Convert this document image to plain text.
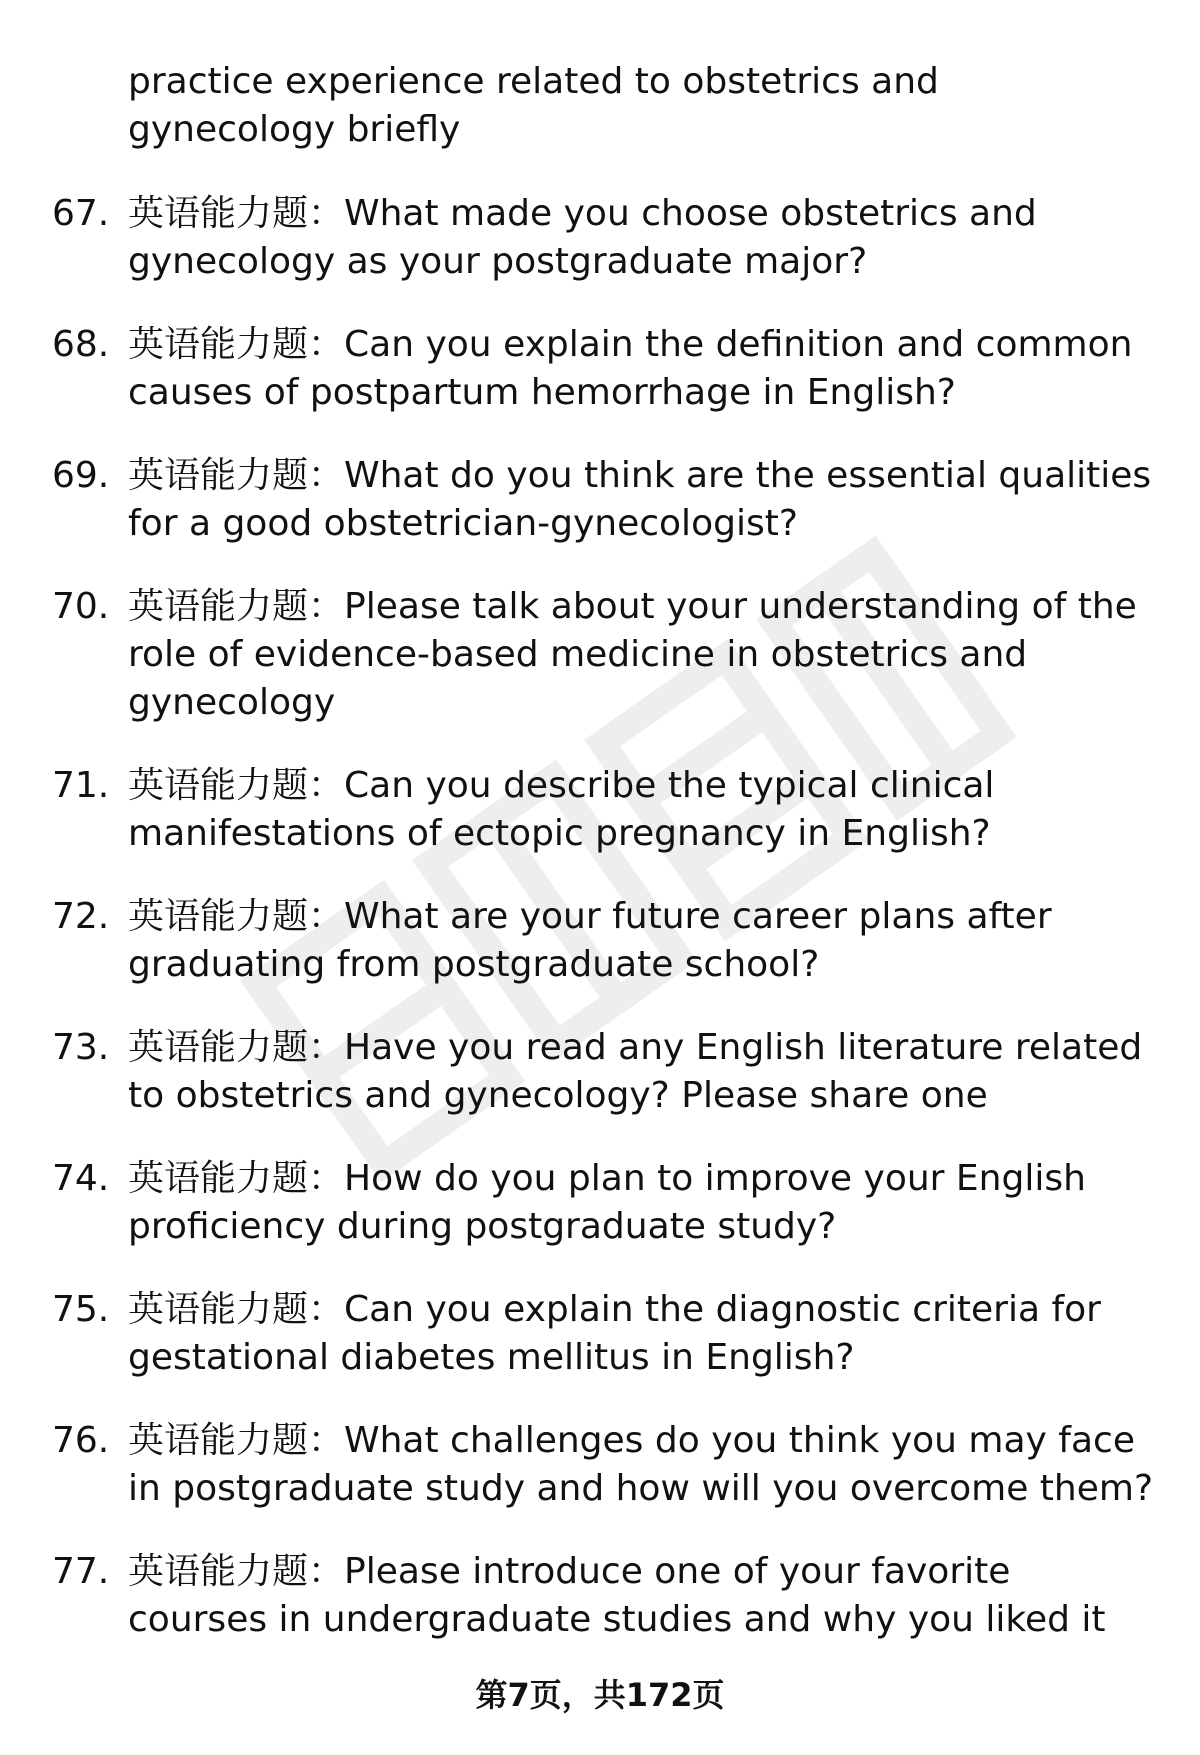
practice experience related to obstetrics and gynecology briefly
67. 英语能力题：What made you choose obstetrics and gynecology as your postgraduate major?
68. 英语能力题：Can you explain the definition and common causes of postpartum hemorrhage in English?
69. 英语能力题：What do you think are the essential qualities for a good obstetrician-gynecologist?
70. 英语能力题：Please talk about your understanding of the role of evidence-based medicine in obstetrics and gynecology
71. 英语能力题：Can you describe the typical clinical manifestations of ectopic pregnancy in English?
72. 英语能力题：What are your future career plans after graduating from postgraduate school?
73. 英语能力题：Have you read any English literature related to obstetrics and gynecology? Please share one
74. 英语能力题：How do you plan to improve your English proficiency during postgraduate study?
75. 英语能力题：Can you explain the diagnostic criteria for gestational diabetes mellitus in English?
76. 英语能力题：What challenges do you think you may face in postgraduate study and how will you overcome them?
77. 英语能力题：Please introduce one of your favorite courses in undergraduate studies and why you liked it
第7页，共172页
